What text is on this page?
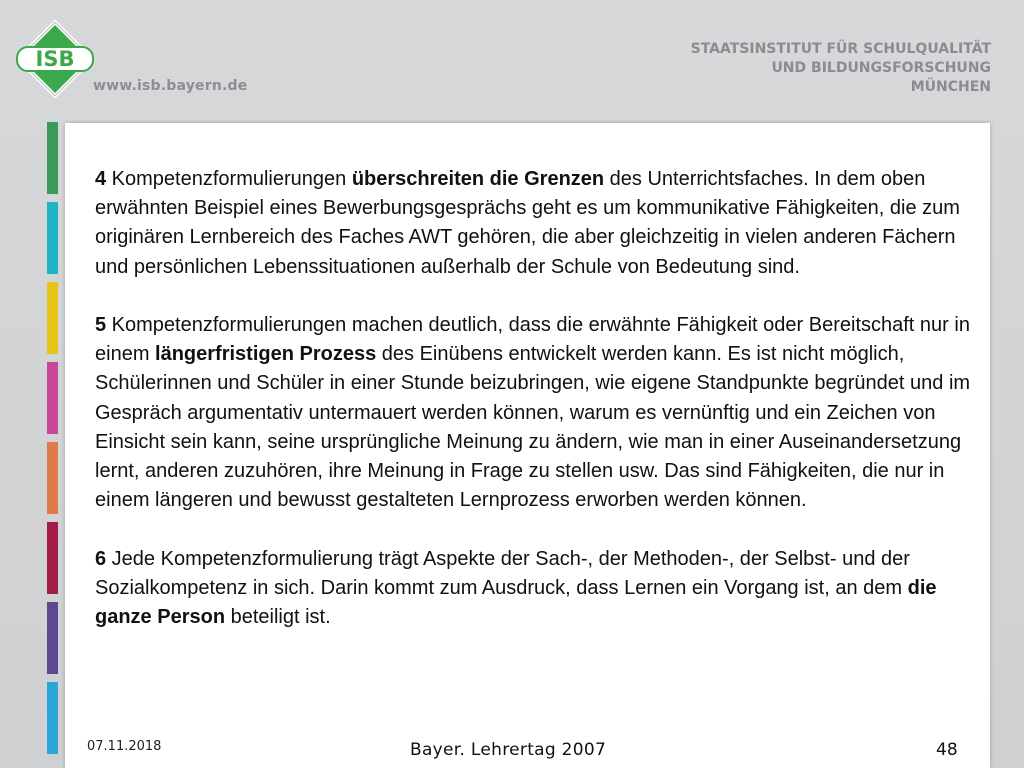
ISB
www.isb.bayern.de
STAATSINSTITUT FÜR SCHULQUALITÄT
UND BILDUNGSFORSCHUNG
MÜNCHEN

4 Kompetenzformulierungen überschreiten die Grenzen des Unterrichtsfaches. In dem oben erwähnten Beispiel eines Bewerbungsgesprächs geht es um kommunikative Fähigkeiten, die zum originären Lernbereich des Faches AWT gehören, die aber gleichzeitig in vielen anderen Fächern und persönlichen Lebenssituationen außerhalb der Schule von Bedeutung sind.

5 Kompetenzformulierungen machen deutlich, dass die erwähnte Fähigkeit oder Bereitschaft nur in einem längerfristigen Prozess des Einübens entwickelt werden kann. Es ist nicht möglich, Schülerinnen und Schüler in einer Stunde beizubringen, wie eigene Standpunkte begründet und im Gespräch argumentativ untermauert werden können, warum es vernünftig und ein Zeichen von Einsicht sein kann, seine ursprüngliche Meinung zu ändern, wie man in einer Auseinandersetzung lernt, anderen zuzuhören, ihre Meinung in Frage zu stellen usw. Das sind Fähigkeiten, die nur in einem längeren und bewusst gestalteten Lernprozess erworben werden können.

6 Jede Kompetenzformulierung trägt Aspekte der Sach-, der Methoden-, der Selbst- und der Sozialkompetenz in sich. Darin kommt zum Ausdruck, dass Lernen ein Vorgang ist, an dem die ganze Person beteiligt ist.

07.11.2018	Bayer. Lehrertag 2007	48
